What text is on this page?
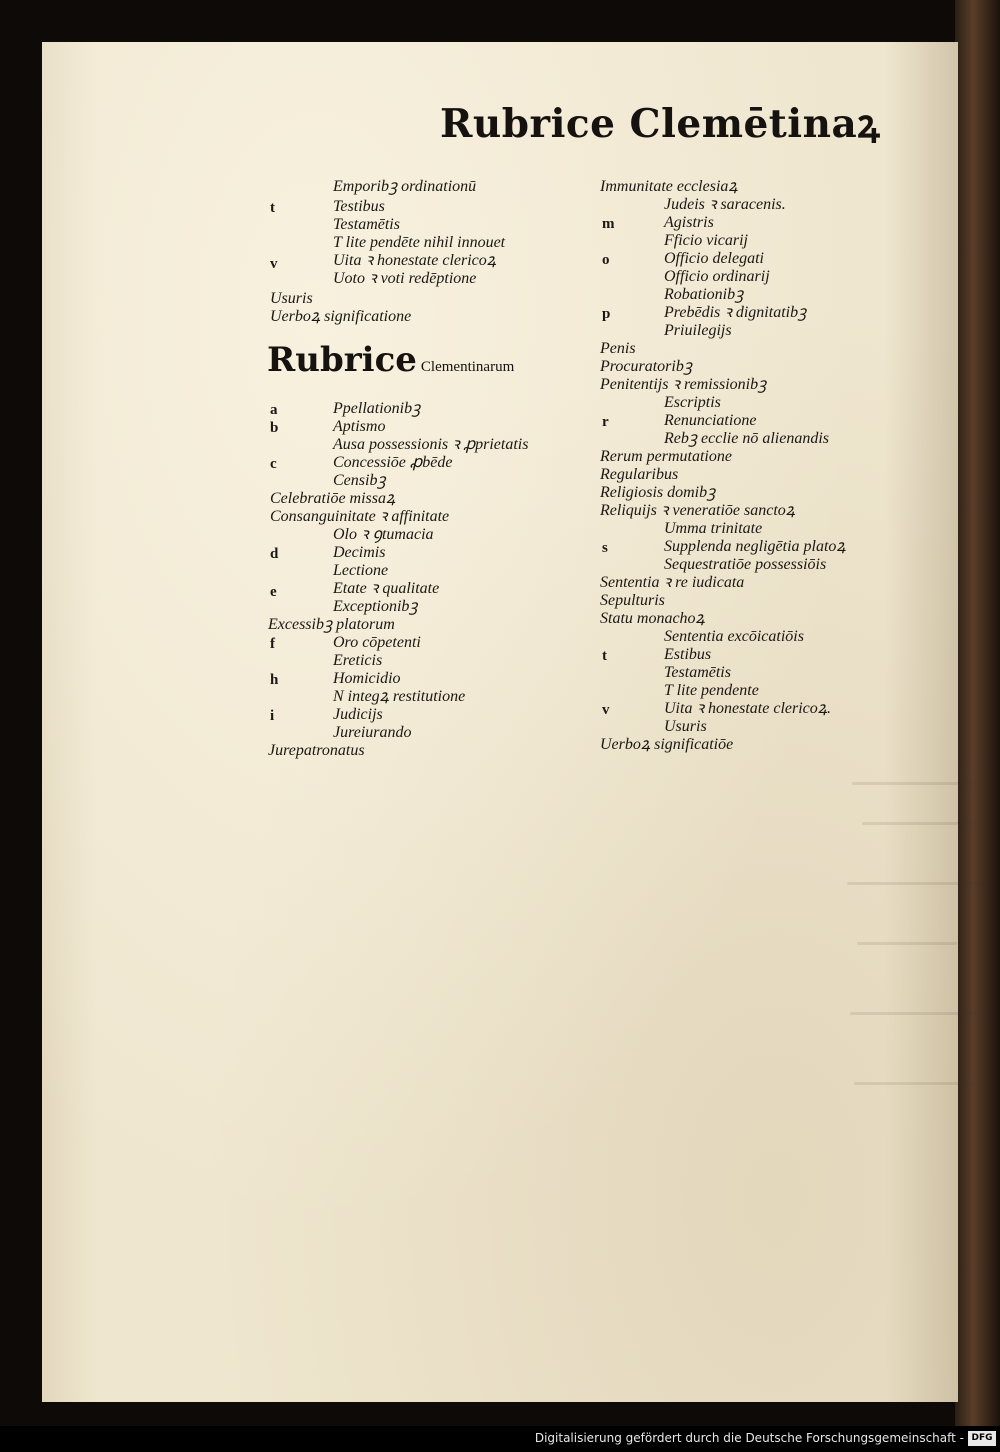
Rubrice Clemētinaꝝ
Emporibꝫ ordinationū
Testibus
Testamētis
T lite pendēte nihil innouetᷓ
Uita ꝛ honestate clericoꝝ
Uoto ꝛ voti redēptione
Usuris
Uerboꝝ significatione
t
v
Rubrice Clementinarum
Ppellationibꝫ
Aptismo
Ausa possessionis ꝛ ꝓprietatis
Concessiōe ꝓbēde
Censibꝫ
Celebratiōe missaꝝ
Consanguinitate ꝛ affinitate
Olo ꝛ ꝯtumacia
Decimis
Lectione
Etate ꝛ qualitate
Exceptionibꝫ
Excessibꝫ platorum
Oro cōpetenti
Ereticis
Homicidio
N integꝝ restitutione
Judicijs
Jureiurando
Jurepatronatus
a
b
c
d
e
f
h
i
Immunitate ecclesiaꝝ
Judeis ꝛ saracenis.
Agistris
Fficio vicarij
Officio delegati
Officio ordinarij
Robationibꝫ
Prebēdis ꝛ dignitatibꝫ
Priuilegijs
Penis
Procuratoribꝫ
Penitentijs ꝛ remissionibꝫ
Escriptis
Renunciatione
Rebꝫ ecclie nō alienandis
Rerum permutatione
Regularibus
Religiosis domibꝫ
Reliquijs ꝛ veneratiōe sanctoꝝ
Umma trinitate
Supplenda negligētia platoꝝ
Sequestratiōe possessiōis
Sententia ꝛ re iudicata
Sepulturis
Statu monachoꝝ
Sententia excōicatiōis
Estibus
Testamētis
T lite pendente
Uita ꝛ honestate clericoꝝ.
Usuris
Uerboꝝ significatiōe
m
o
p
r
s
t
v
Digitalisierung gefördert durch die Deutsche Forschungsgemeinschaft - DFG
